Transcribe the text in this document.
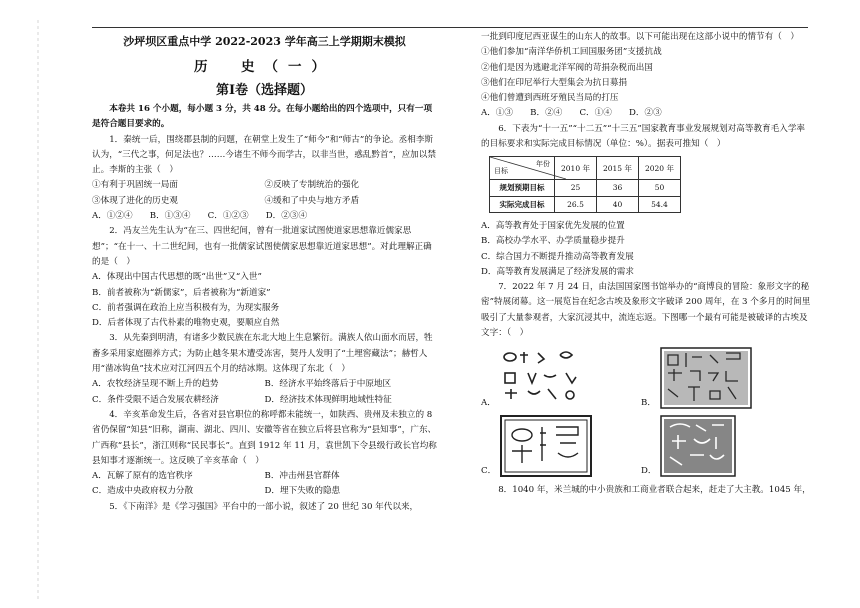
沙坪坝区重点中学 2022-2023 学年高三上学期期末模拟
历　史（一）
第Ⅰ卷（选择题）

本卷共 16 个小题，每小题 3 分，共 48 分。在每小题给出的四个选项中，只有一项是符合题目要求的。

1．秦统一后，围绕郡县制的问题，在朝堂上发生了“师今”和“师古”的争论。丞相李斯认为，“三代之事，何足法也？……今诸生不师今而学古，以非当世，惑乱黔首”，应加以禁止。李斯的主张（　）

①有利于巩固统一局面	②反映了专制统治的强化
③体现了进化的历史观	④缓和了中央与地方矛盾

A．①②④　　B．①③④　　C．①②③　　D．②③④

2．冯友兰先生认为“在三、四世纪间，曾有一批道家试图使道家思想靠近儒家思想”；“在十一、十二世纪间，也有一批儒家试图使儒家思想靠近道家思想”。对此理解正确的是（　）

A．体现出中国古代思想的既“出世”又“入世”

B．前者被称为“新儒家”，后者被称为“新道家”

C．前者强调在政治上应当积极有为，为现实服务

D．后者体现了古代朴素的唯物史观，要顺应自然

3．从先秦到明清，有诸多少数民族在东北大地上生息繁衍。满族人依山面水而居，牲畜多采用家庭圈养方式；为防止越冬果木遭受冻害，契丹人发明了“土埋窖藏法”；赫哲人用“凿冰钩鱼”技术应对江河四五个月的结冰期。这体现了东北（　）

A．农牧经济呈现不断上升的趋势	B．经济水平始终落后于中原地区
C．条件受限不适合发展农耕经济	D．经济技术体现鲜明地域性特征

4．辛亥革命发生后，各省对县官职位的称呼都未能统一，如陕西、贵州及未独立的 8 省仍保留“知县”旧称，湖南、湖北、四川、安徽等省在独立后将县官称为“县知事”，广东、广西称“县长”，浙江则称“民民事长”。直到 1912 年 11 月，袁世凯下令县级行政长官均称县知事才逐渐统一。这反映了辛亥革命（　）

A．瓦解了原有的选官秩序	B．冲击州县官群体
C．造成中央政府权力分散	D．埋下失败的隐患

5．《下南洋》是《学习强国》平台中的一部小说，叙述了 20 世纪 30 年代以来，

一批到印度尼西亚谋生的山东人的故事。以下可能出现在这部小说中的情节有（　）

①他们参加“南洋华侨机工回国服务团”支援抗战

②他们是因为逃避北洋军阀的苛捐杂税而出国

③他们在印尼举行大型集会为抗日募捐

④他们曾遭到西班牙殖民当局的打压

A．①③　　B．②④　　C．①④　　D．②③

6．下表为“十一五”“十二五”“十三五”国家教育事业发展规划对高等教育毛入学率的目标要求和实际完成目标情况（单位：%）。据表可推知（　）

年份
目标	2010 年	2015 年	2020 年
规划预期目标	25	36	50
实际完成目标	26.5	40	54.4

A．高等教育处于国家优先发展的位置

B．高校办学水平、办学质量稳步提升

C．综合国力不断提升推动高等教育发展

D．高等教育发展满足了经济发展的需求

7．2022 年 7 月 24 日，由法国国家图书馆举办的“商博良的冒险：象形文字的秘密”特展闭幕。这一展览旨在纪念古埃及象形文字破译 200 周年，在 3 个多月的时间里吸引了大量参观者，大家沉浸其中，流连忘返。下图哪一个最有可能是被破译的古埃及文字：（　）

A．	B．
C．	D．

8．1040 年，米兰城的中小贵族和工商业者联合起来，赶走了大主教。1045 年，
